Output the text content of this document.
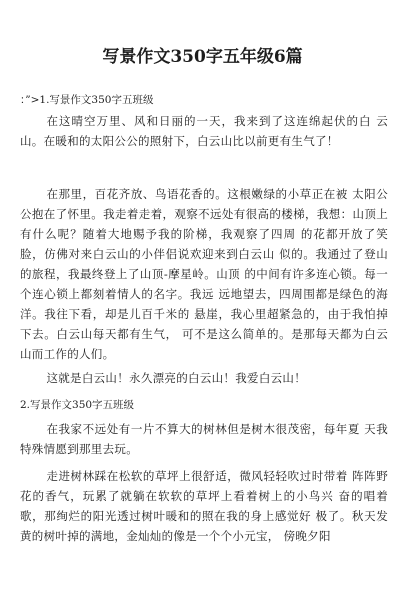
写景作文350字五年级6篇
：”>1.写景作文350字五班级

在这晴空万里、风和日丽的一天，我来到了这连绵起伏的白 云山。在暖和的太阳公公的照射下，白云山比以前更有生气了！

在那里，百花齐放、鸟语花香的。这根嫩绿的小草正在被 太阳公公抱在了怀里。我走着走着，观察不远处有很高的楼梯，我想：山顶上有什么呢？随着大地赐予我的阶梯，我观察了四周 的花都开放了笑脸，仿佛对来白云山的小伴侣说欢迎来到白云山 似的。我通过了登山的旅程，我最终登上了山顶-摩星岭。山顶 的中间有许多连心锁。每一个连心锁上都刻着情人的名字。我远 远地望去，四周围都是绿色的海洋。我往下看，却是儿百千米的 悬崖，我心里超紧急的，由于我怕掉下去。白云山每天都有生气， 可不是这么简单的。是那每天都为白云山而工作的人们。

这就是白云山！永久漂亮的白云山！我爱白云山！

2.写景作文350字五班级

在我家不远处有一片不算大的树林但是树木很茂密，每年夏 天我特殊情愿到那里去玩。

走进树林踩在松软的草坪上很舒适，微风轻轻吹过时带着 阵阵野花的香气，玩累了就躺在软软的草坪上看着树上的小鸟兴 奋的唱着歌，那绚烂的阳光透过树叶暖和的照在我的身上感觉好 极了。秋天发黄的树叶掉的满地，金灿灿的像是一个个小元宝， 傍晚夕阳
